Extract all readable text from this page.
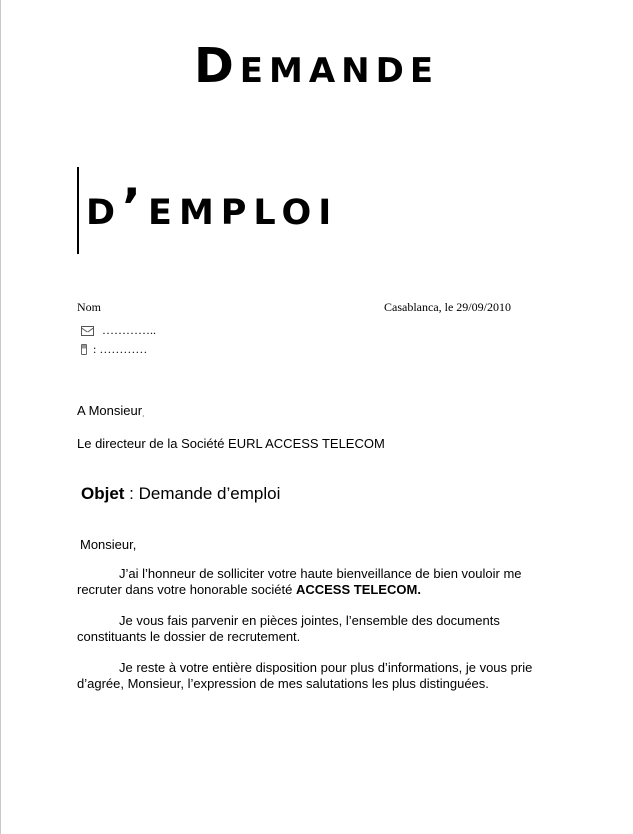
Demande
d’emploi
Nom	Casablanca, le 29/09/2010
…………..
: …………
A Monsieur¸
Le directeur de la Société EURL ACCESS TELECOM
Objet : Demande d’emploi
Monsieur,
J’ai l’honneur de solliciter votre haute bienveillance de bien vouloir me recruter dans votre honorable société ACCESS TELECOM.
Je vous fais parvenir en pièces jointes, l’ensemble des documents constituants le dossier de recrutement.
Je reste à votre entière disposition pour plus d’informations, je vous prie d’agrée, Monsieur, l’expression de mes salutations les plus distinguées.
